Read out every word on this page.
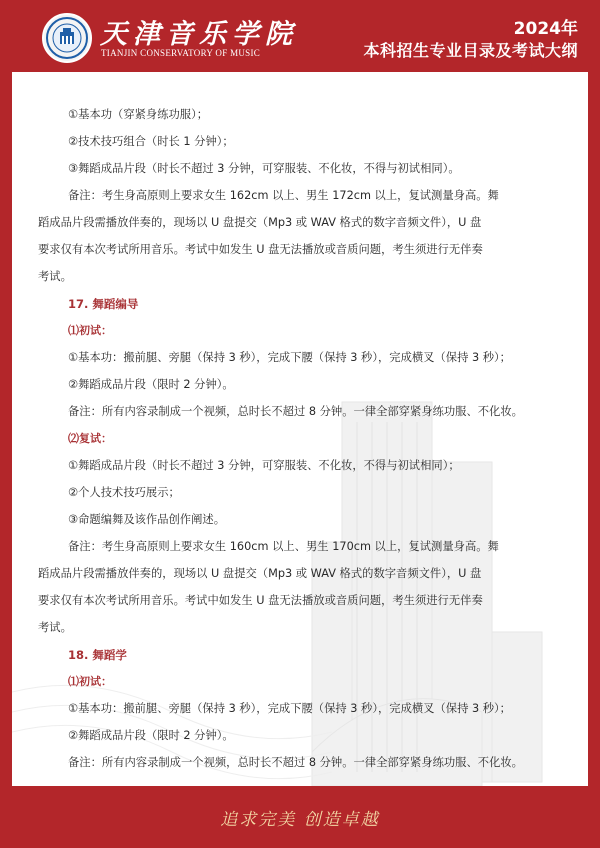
天津音乐学院
TIANJIN CONSERVATORY OF MUSIC
2024年
本科招生专业目录及考试大纲
①基本功（穿紧身练功服）；
②技术技巧组合（时长 1 分钟）；
③舞蹈成品片段（时长不超过 3 分钟，可穿服装、不化妆，不得与初试相同）。
备注：考生身高原则上要求女生 162cm 以上、男生 172cm 以上，复试测量身高。舞
蹈成品片段需播放伴奏的，现场以 U 盘提交（Mp3 或 WAV 格式的数字音频文件），U 盘
要求仅有本次考试所用音乐。考试中如发生 U 盘无法播放或音质问题，考生须进行无伴奏
考试。
17. 舞蹈编导
⑴初试：
①基本功：搬前腿、旁腿（保持 3 秒），完成下腰（保持 3 秒），完成横叉（保持 3 秒）；
②舞蹈成品片段（限时 2 分钟）。
备注：所有内容录制成一个视频，总时长不超过 8 分钟。一律全部穿紧身练功服、不化妆。
⑵复试：
①舞蹈成品片段（时长不超过 3 分钟，可穿服装、不化妆，不得与初试相同）；
②个人技术技巧展示；
③命题编舞及该作品创作阐述。
备注：考生身高原则上要求女生 160cm 以上、男生 170cm 以上，复试测量身高。舞
蹈成品片段需播放伴奏的，现场以 U 盘提交（Mp3 或 WAV 格式的数字音频文件），U 盘
要求仅有本次考试所用音乐。考试中如发生 U 盘无法播放或音质问题，考生须进行无伴奏
考试。
18. 舞蹈学
⑴初试：
①基本功：搬前腿、旁腿（保持 3 秒），完成下腰（保持 3 秒），完成横叉（保持 3 秒）；
②舞蹈成品片段（限时 2 分钟）。
备注：所有内容录制成一个视频，总时长不超过 8 分钟。一律全部穿紧身练功服、不化妆。
追求完美 创造卓越
